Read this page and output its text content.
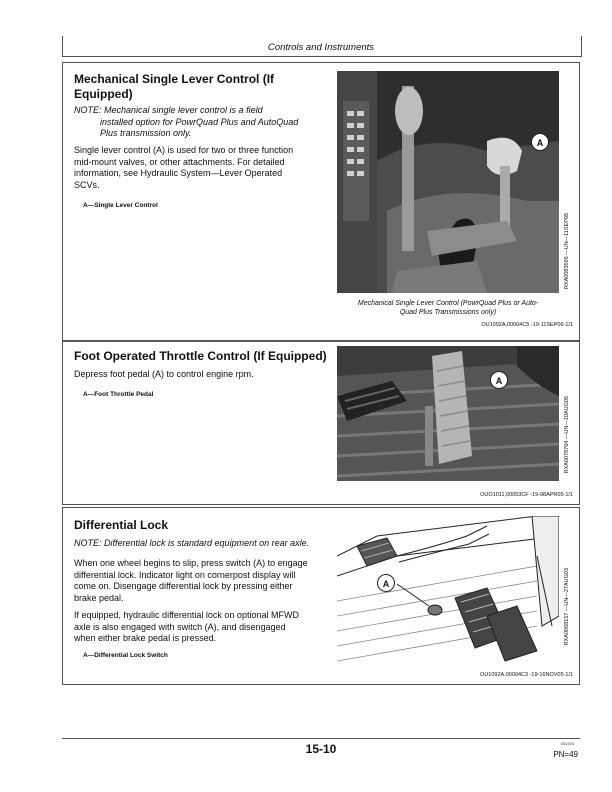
Controls and Instruments
Mechanical Single Lever Control (If
Equipped)
NOTE: Mechanical single lever control is a field
installed option for PowrQuad Plus and AutoQuad
Plus transmission only.
Single lever control (A) is used for two or three function
mid-mount valves, or other attachments. For detailed
information, see Hydraulic System—Lever Operated
SCVs.
A—Single Lever Control
A
RXA0083595 —UN—11SEP05
Mechanical Single Lever Control (PowrQuad Plus or Auto-
Quad Plus Transmissions only)
OU1092A,00004C5 -19-11SEP06-1/1
Foot Operated Throttle Control (If Equipped)
Depress foot pedal (A) to control engine rpm.
A—Foot Throttle Pedal
A
RXA0078764 —UN—10AUG05
OUO1011,00053CF -19-08APR05-1/1
Differential Lock
NOTE: Differential lock is standard equipment on rear axle.
When one wheel begins to slip, press switch (A) to engage
differential lock. Indicator light on cornerpost display will
come on. Disengage differential lock by pressing either
brake pedal.
If equipped, hydraulic differential lock on optional MFWD
axle is also engaged with switch (A), and disengaged
when either brake pedal is pressed.
A—Differential Lock Switch
A	RXA0068157 —UN—27AUG03
OU1092A,00004C3 -19-16NOV05-1/1
15-10	081505
PN=49
